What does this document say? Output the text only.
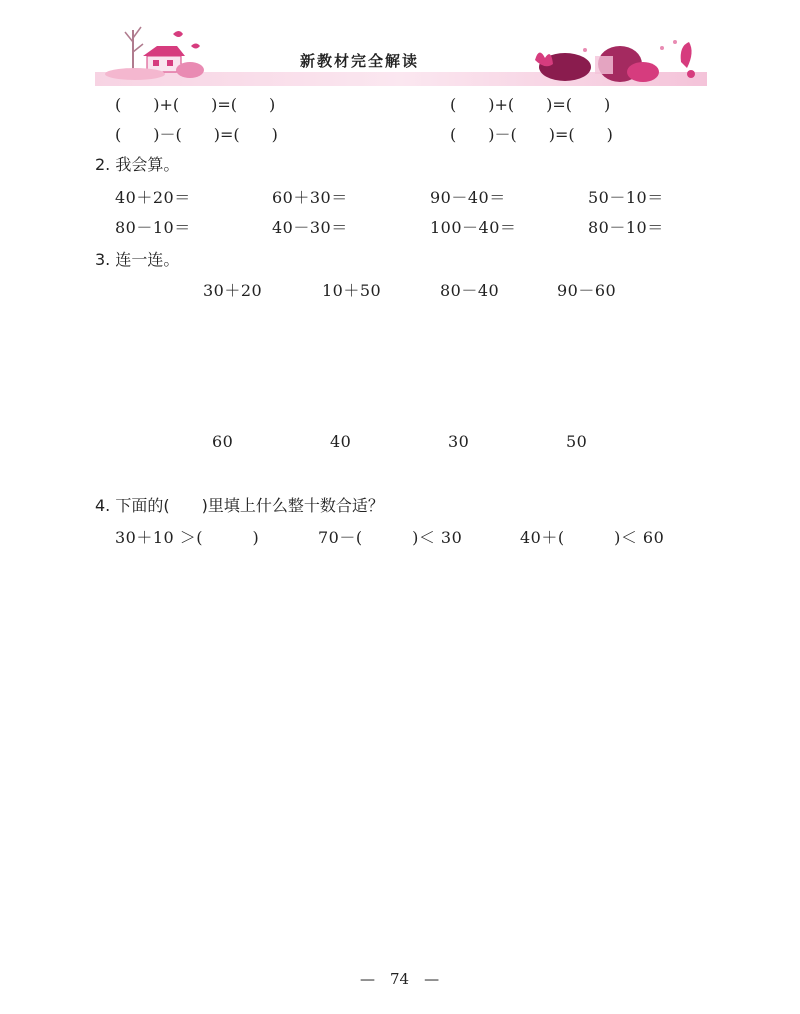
新教材完全解读
(　　)+(　　)=(　　)	(　　)+(　　)=(　　)
(　　)－(　　)=(　　)	(　　)－(　　)=(　　)
2. 我会算。
40＋20＝	60＋30＝	90－40＝	50－10＝
80－10＝	40－30＝	100－40＝	80－10＝
3. 连一连。
30＋20	10＋50	80－40	90－60
60	40	30	50
4. 下面的(　　)里填上什么整十数合适？
30＋10 ＞(　　　)	70－(　　　)＜ 30	40＋(　　　)＜ 60
—　74　—
